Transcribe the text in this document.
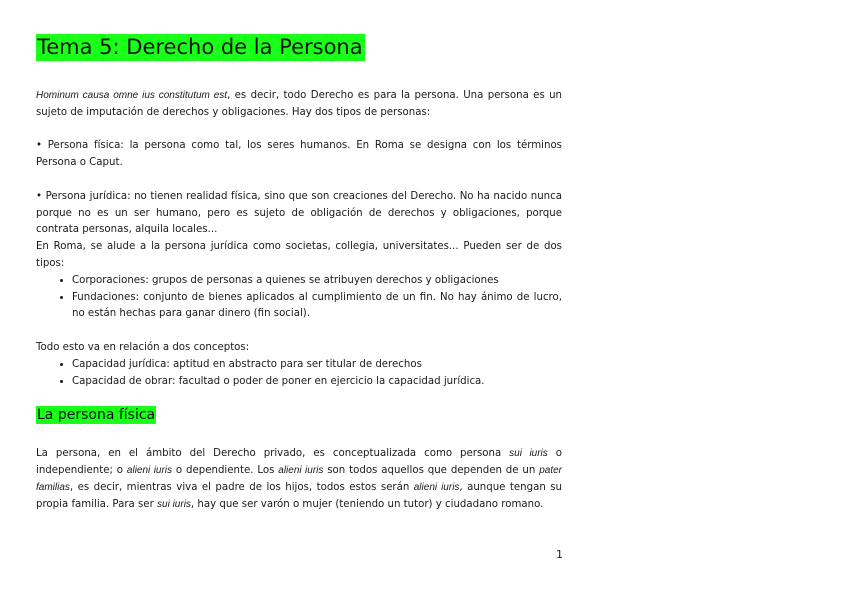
Tema 5: Derecho de la Persona

Hominum causa omne ius constitutum est, es decir, todo Derecho es para la persona. Una persona es un sujeto de imputación de derechos y obligaciones. Hay dos tipos de personas:

• Persona física: la persona como tal, los seres humanos. En Roma se designa con los términos Persona o Caput.

• Persona jurídica: no tienen realidad física, sino que son creaciones del Derecho. No ha nacido nunca porque no es un ser humano, pero es sujeto de obligación de derechos y obligaciones, porque contrata personas, alquila locales...

En Roma, se alude a la persona jurídica como societas, collegia, universitates... Pueden ser de dos tipos:

• Corporaciones: grupos de personas a quienes se atribuyen derechos y obligaciones
• Fundaciones: conjunto de bienes aplicados al cumplimiento de un fin. No hay ánimo de lucro, no están hechas para ganar dinero (fin social).

Todo esto va en relación a dos conceptos:

• Capacidad jurídica: aptitud en abstracto para ser titular de derechos
• Capacidad de obrar: facultad o poder de poner en ejercicio la capacidad jurídica.
La persona física

La persona, en el ámbito del Derecho privado, es conceptualizada como persona sui iuris o independiente; o alieni iuris o dependiente. Los alieni iuris son todos aquellos que dependen de un pater familias, es decir, mientras viva el padre de los hijos, todos estos serán alieni iuris, aunque tengan su propia familia. Para ser sui iuris, hay que ser varón o mujer (teniendo un tutor) y ciudadano romano.

1
